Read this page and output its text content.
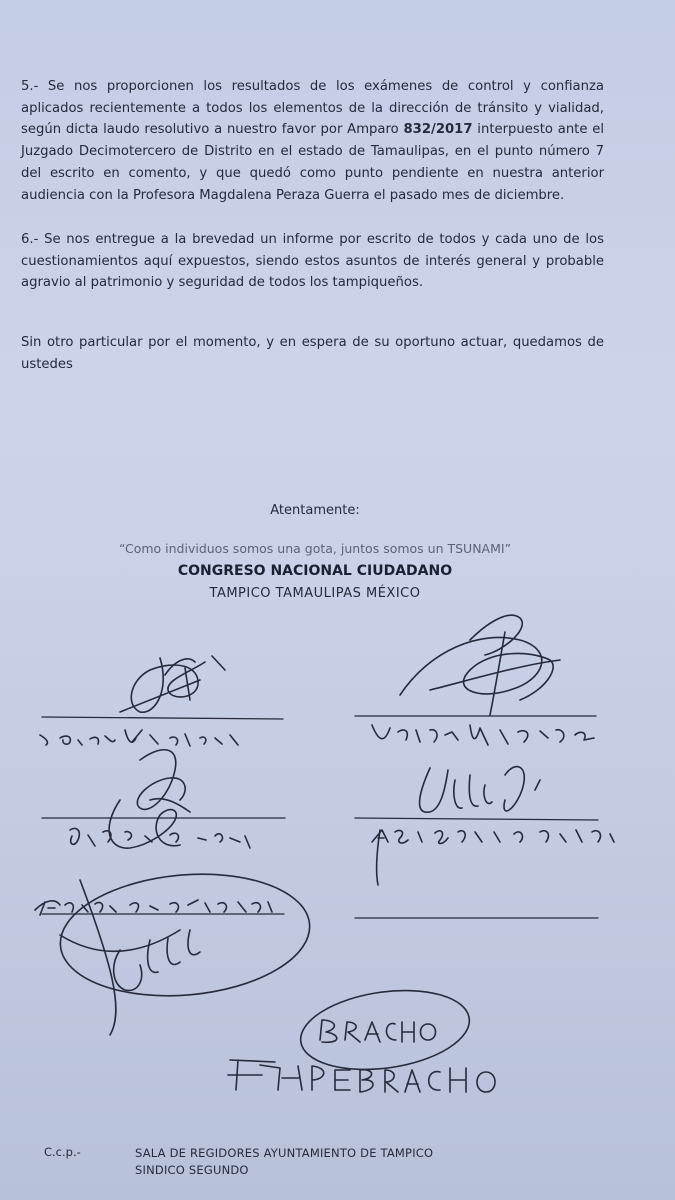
5.- Se nos proporcionen los resultados de los exámenes de control y confianza aplicados recientemente a todos los elementos de la dirección de tránsito y vialidad, según dicta laudo resolutivo a nuestro favor por Amparo 832/2017 interpuesto ante el Juzgado Decimotercero de Distrito en el estado de Tamaulipas, en el punto número 7 del escrito en comento, y que quedó como punto pendiente en nuestra anterior audiencia con la Profesora Magdalena Peraza Guerra el pasado mes de diciembre.

6.- Se nos entregue a la brevedad un informe por escrito de todos y cada uno de los cuestionamientos aquí expuestos, siendo estos asuntos de interés general y probable agravio al patrimonio y seguridad de todos los tampiqueños.

Sin otro particular por el momento, y en espera de su oportuno actuar, quedamos de ustedes

Atentamente:

“Como individuos somos una gota, juntos somos un TSUNAMI”

CONGRESO NACIONAL CIUDADANO

TAMPICO TAMAULIPAS MÉXICO

C.c.p.-	SALA DE REGIDORES AYUNTAMIENTO DE TAMPICO
SINDICO SEGUNDO
